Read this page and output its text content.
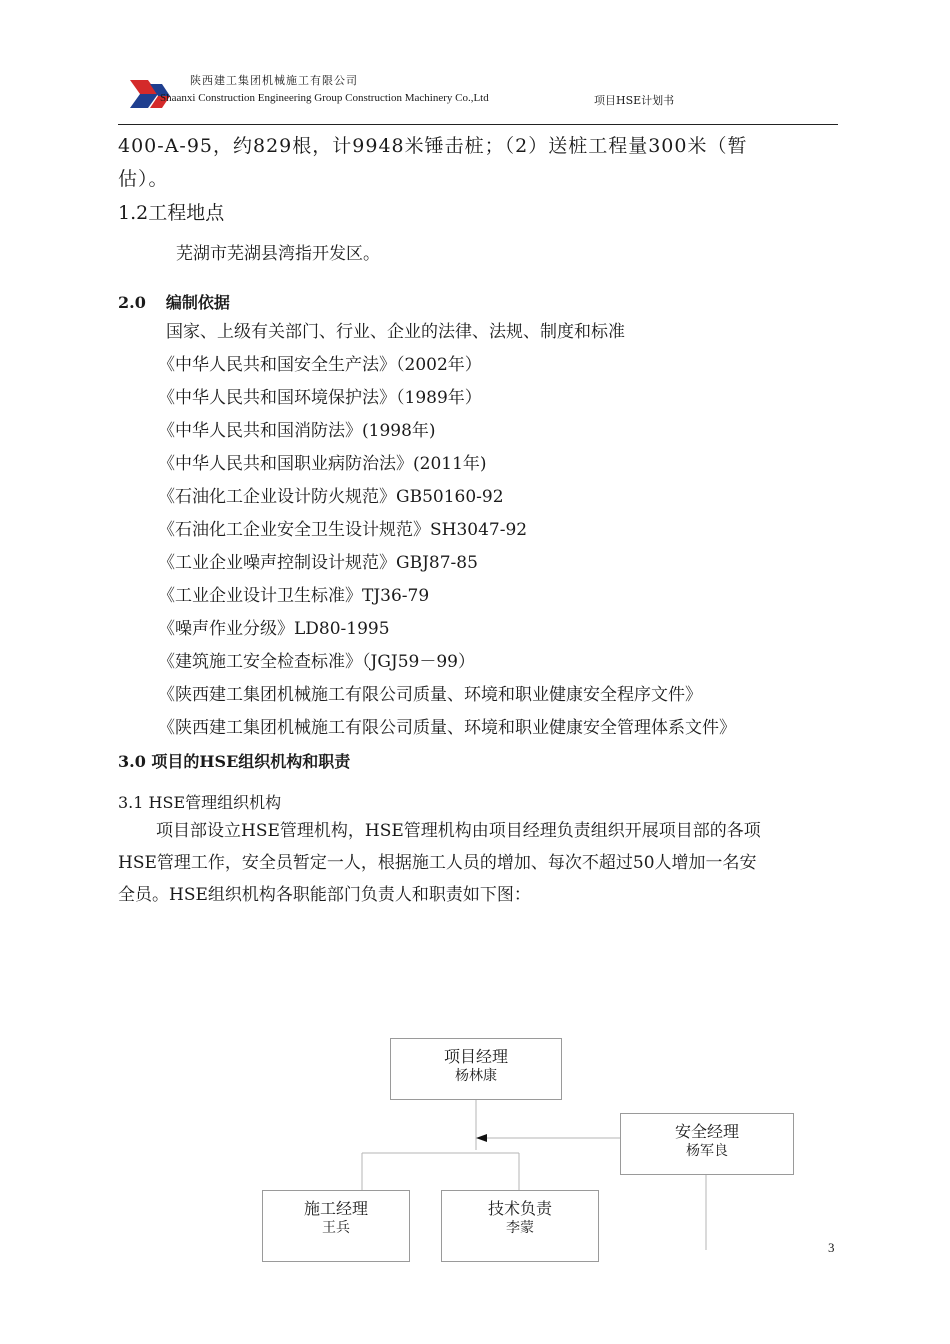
陕西建工集团机械施工有限公司
Shaanxi Construction Engineering Group Construction Machinery Co.,Ltd	项目HSE计划书
400-A-95，约829根，计9948米锤击桩；（2）送桩工程量300米（暂
估）。
1.2工程地点
芜湖市芜湖县湾指开发区。
2.0 编制依据
国家、上级有关部门、行业、企业的法律、法规、制度和标准
《中华人民共和国安全生产法》（2002年）
《中华人民共和国环境保护法》（1989年）
《中华人民共和国消防法》(1998年)
《中华人民共和国职业病防治法》(2011年)
《石油化工企业设计防火规范》GB50160-92
《石油化工企业安全卫生设计规范》SH3047-92
《工业企业噪声控制设计规范》GBJ87-85
《工业企业设计卫生标准》TJ36-79
《噪声作业分级》LD80-1995
《建筑施工安全检查标准》（JGJ59－99）
《陕西建工集团机械施工有限公司质量、环境和职业健康安全程序文件》
《陕西建工集团机械施工有限公司质量、环境和职业健康安全管理体系文件》
3.0 项目的HSE组织机构和职责
3.1 HSE管理组织机构
项目部设立HSE管理机构，HSE管理机构由项目经理负责组织开展项目部的各项
HSE管理工作，安全员暂定一人，根据施工人员的增加、每次不超过50人增加一名安
全员。HSE组织机构各职能部门负责人和职责如下图：
项目经理
杨林康
安全经理
杨军良
施工经理
王兵
技术负责
李蒙
3
